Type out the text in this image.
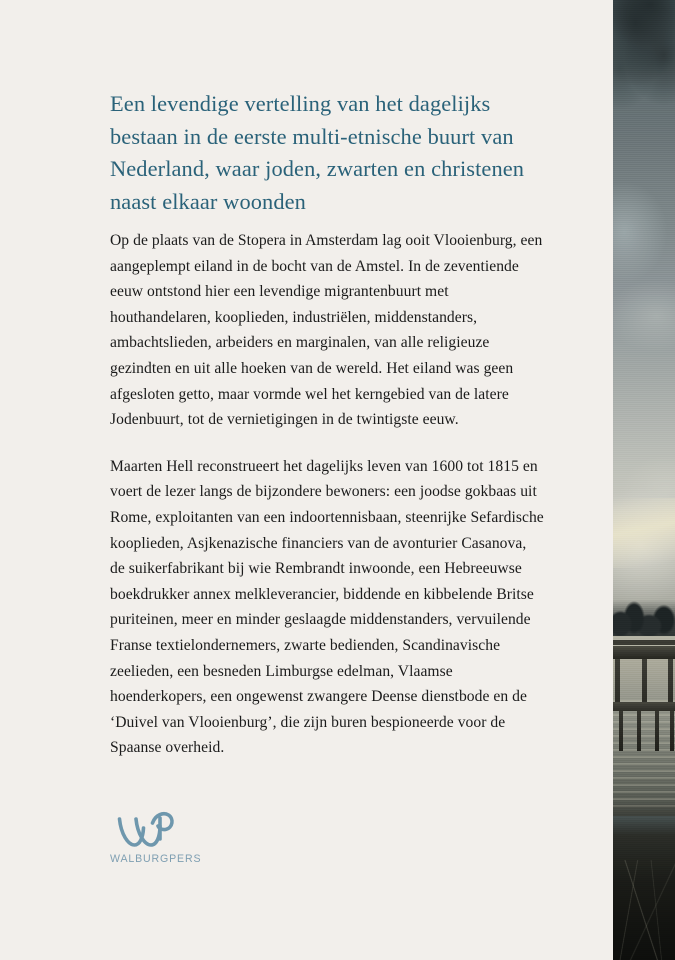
Een levendige vertelling van het dagelijks bestaan in de eerste multi-etnische buurt van Nederland, waar joden, zwarten en christenen naast elkaar woonden

Op de plaats van de Stopera in Amsterdam lag ooit Vlooienburg, een aangeplempt eiland in de bocht van de Amstel. In de zeventiende eeuw ontstond hier een levendige migrantenbuurt met houthandelaren, kooplieden, industriëlen, middenstanders, ambachtslieden, arbeiders en marginalen, van alle religieuze gezindten en uit alle hoeken van de wereld. Het eiland was geen afgesloten getto, maar vormde wel het kerngebied van de latere Jodenbuurt, tot de vernietigingen in de twintigste eeuw.

Maarten Hell reconstrueert het dagelijks leven van 1600 tot 1815 en voert de lezer langs de bijzondere bewoners: een joodse gokbaas uit Rome, exploitanten van een indoortennisbaan, steenrijke Sefardische kooplieden, Asjkenazische financiers van de avonturier Casanova, de suikerfabrikant bij wie Rembrandt inwoonde, een Hebreeuwse boekdrukker annex melkleverancier, biddende en kibbelende Britse puriteinen, meer en minder geslaagde middenstanders, vervuilende Franse textielondernemers, zwarte bedienden, Scandinavische zeelieden, een besneden Limburgse edelman, Vlaamse hoenderkopers, een ongewenst zwangere Deense dienstbode en de ‘Duivel van Vlooienburg’, die zijn buren bespioneerde voor de Spaanse overheid.

WALBURGPERS
